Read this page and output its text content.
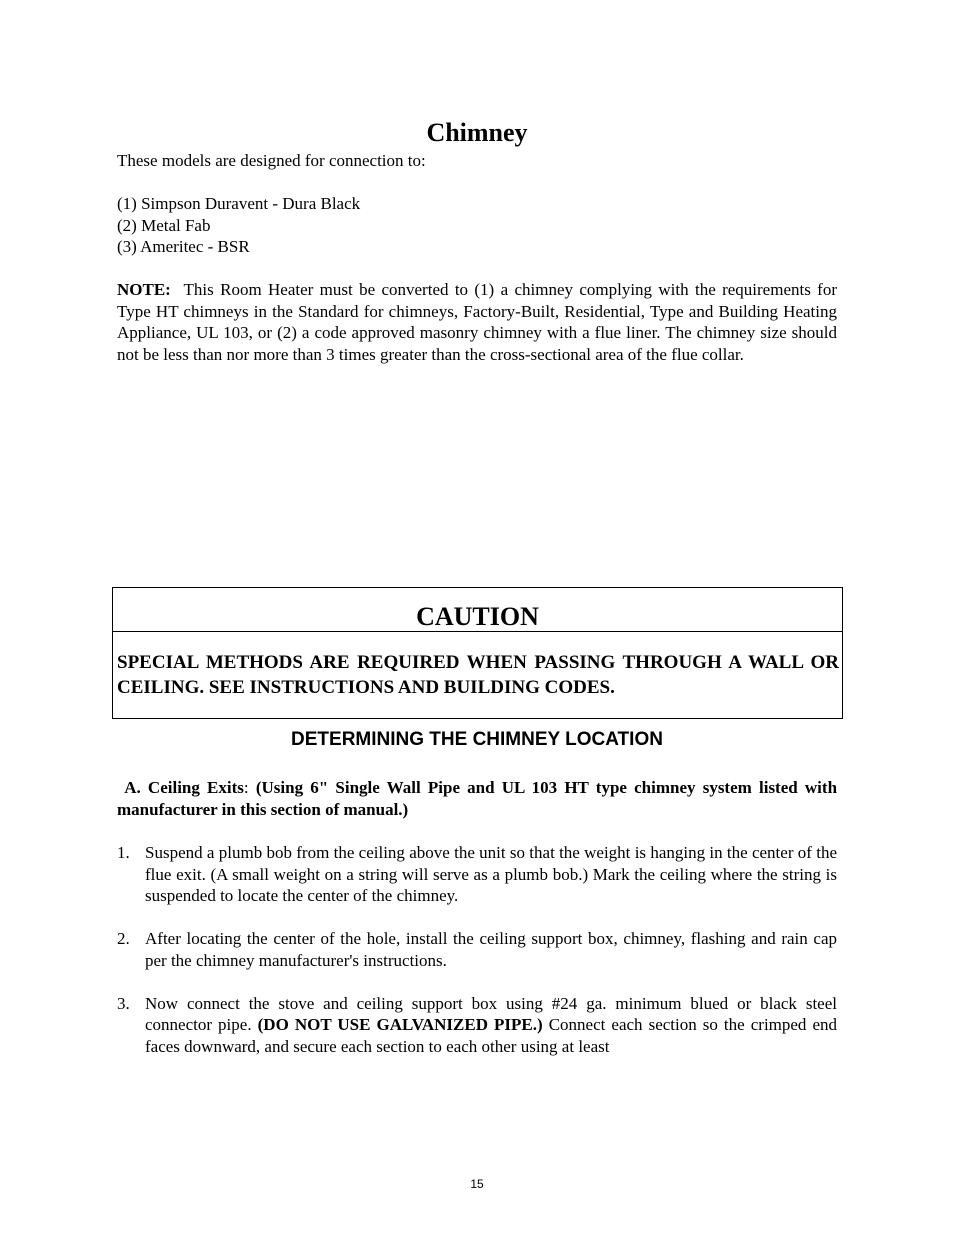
Chimney
These models are designed for connection to:
(1) Simpson Duravent - Dura Black
(2) Metal Fab
(3) Ameritec - BSR
NOTE: This Room Heater must be converted to (1) a chimney complying with the requirements for Type HT chimneys in the Standard for chimneys, Factory-Built, Residential, Type and Building Heating Appliance, UL 103, or (2) a code approved masonry chimney with a flue liner. The chimney size should not be less than nor more than 3 times greater than the cross-sectional area of the flue collar.
CAUTION
SPECIAL METHODS ARE REQUIRED WHEN PASSING THROUGH A WALL OR CEILING. SEE INSTRUCTIONS AND BUILDING CODES.
DETERMINING THE CHIMNEY LOCATION
A. Ceiling Exits: (Using 6" Single Wall Pipe and UL 103 HT type chimney system listed with manufacturer in this section of manual.)
1. Suspend a plumb bob from the ceiling above the unit so that the weight is hanging in the center of the flue exit. (A small weight on a string will serve as a plumb bob.) Mark the ceiling where the string is suspended to locate the center of the chimney.
2. After locating the center of the hole, install the ceiling support box, chimney, flashing and rain cap per the chimney manufacturer's instructions.
3. Now connect the stove and ceiling support box using #24 ga. minimum blued or black steel connector pipe. (DO NOT USE GALVANIZED PIPE.) Connect each section so the crimped end faces downward, and secure each section to each other using at least
15
